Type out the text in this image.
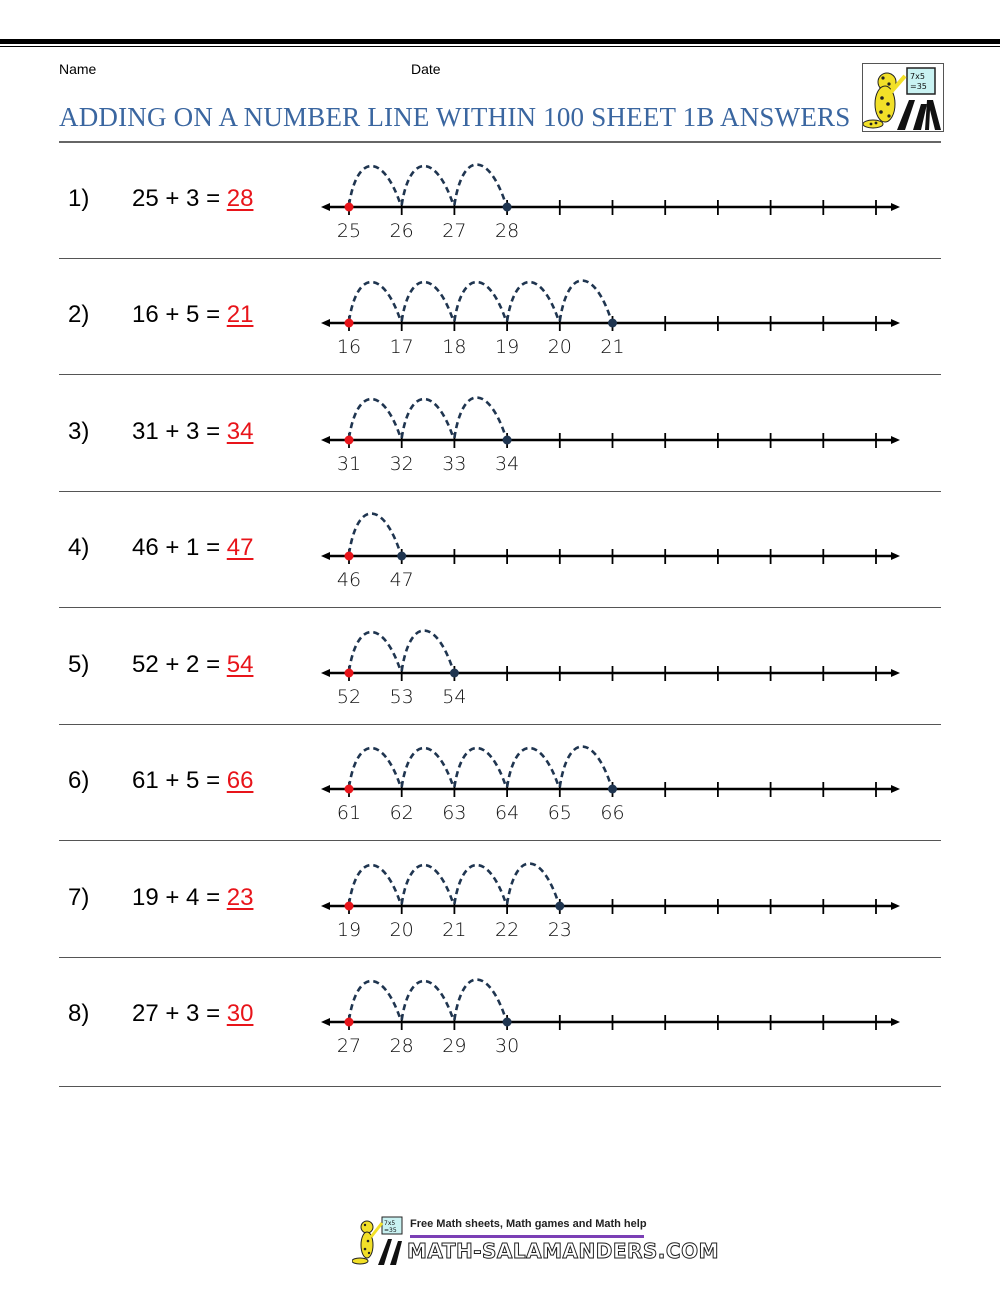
Name	Date
ADDING ON A NUMBER LINE WITHIN 100 SHEET 1B ANSWERS
7x5
=35
1) 25 + 3 = 28
25 26 27 28
2) 16 + 5 = 21
16 17 18 19 20 21
3) 31 + 3 = 34
31 32 33 34
4) 46 + 1 = 47
46 47
5) 52 + 2 = 54
52 53 54
6) 61 + 5 = 66
61 62 63 64 65 66
7) 19 + 4 = 23
19 20 21 22 23
8) 27 + 3 = 30
27 28 29 30
7x5
=35
Free Math sheets, Math games and Math help
MATH-SALAMANDERS.COM
